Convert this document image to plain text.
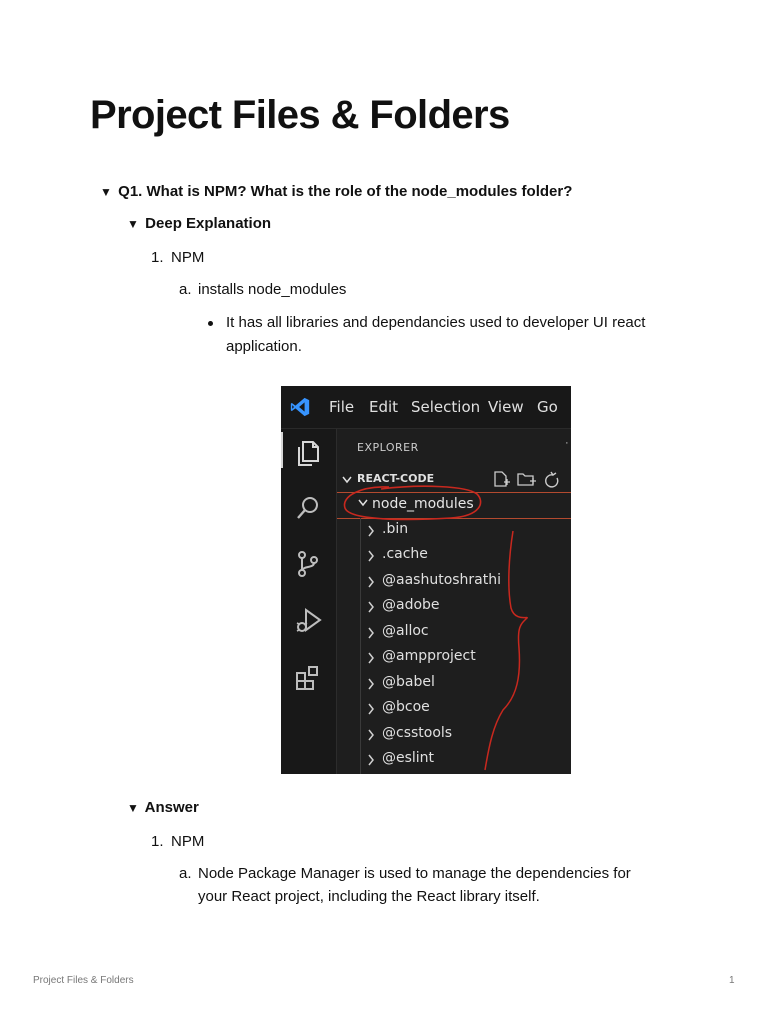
Project Files & Folders
▼ Q1. What is NPM? What is the role of the node_modules folder?
▼ Deep Explanation
1. NPM
a. installs node_modules
It has all libraries and dependancies used to developer UI react
application.
File Edit Selection View Go
EXPLORER	·
REACT-CODE
node_modules
.bin
.cache
@aashutoshrathi
@adobe
@alloc
@ampproject
@babel
@bcoe
@csstools
@eslint
▼ Answer
1. NPM
a. Node Package Manager is used to manage the dependencies for
your React project, including the React library itself.
Project Files & Folders	1
